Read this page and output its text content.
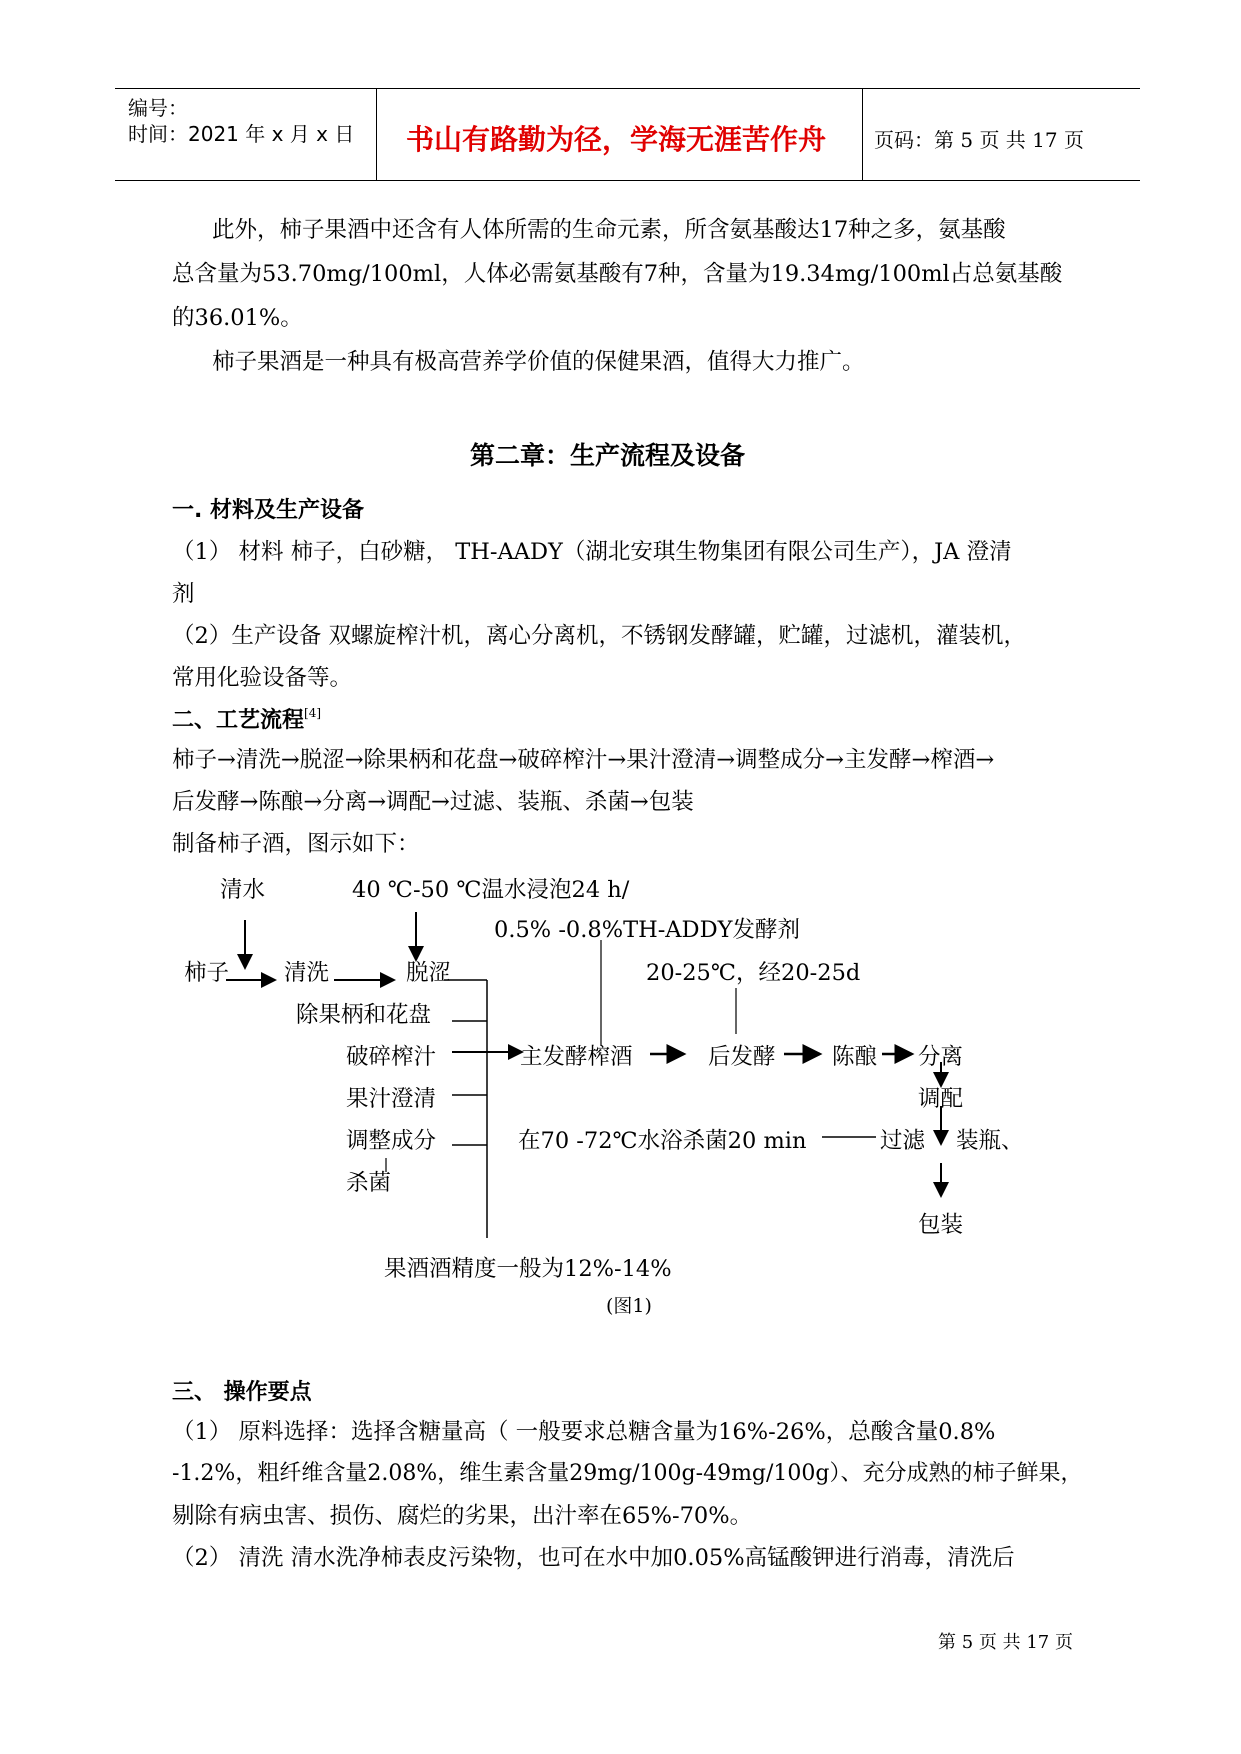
编号：
时间：2021 年 x 月 x 日 书山有路勤为径，学海无涯苦作舟 页码：第 5 页 共 17 页
此外，柿子果酒中还含有人体所需的生命元素，所含氨基酸达17种之多，氨基酸
总含量为53.70mg/100ml，人体必需氨基酸有7种，含量为19.34mg/100ml占总氨基酸
的36.01%。
柿子果酒是一种具有极高营养学价值的保健果酒，值得大力推广。
第二章：生产流程及设备
一. 材料及生产设备
（1） 材料 柿子，白砂糖， TH-AADY（湖北安琪生物集团有限公司生产），JA 澄清
剂
（2）生产设备 双螺旋榨汁机，离心分离机，不锈钢发酵罐，贮罐，过滤机，灌装机，
常用化验设备等。
二、工艺流程[4]
柿子→清洗→脱涩→除果柄和花盘→破碎榨汁→果汁澄清→调整成分→主发酵→榨酒→
后发酵→陈酿→分离→调配→过滤、装瓶、杀菌→包装
制备柿子酒，图示如下：
清水	40 ℃-50 ℃温水浸泡24 h/
0.5% -0.8%TH-ADDY发酵剂
柿子 清洗	脱涩	20-25℃，经20-25d
除果柄和花盘
破碎榨汁	主发酵榨酒	后发酵	陈酿 分离
果汁澄清	调配
调整成分	在70 -72℃水浴杀菌20 min	过滤 装瓶、
杀菌
包装
果酒酒精度一般为12%-14%
(图1)
三、 操作要点
（1） 原料选择：选择含糖量高（ 一般要求总糖含量为16%-26%，总酸含量0.8%
-1.2%，粗纤维含量2.08%，维生素含量29mg/100g-49mg/100g）、充分成熟的柿子鲜果，
剔除有病虫害、损伤、腐烂的劣果，出汁率在65%-70%。
（2） 清洗 清水洗净柿表皮污染物，也可在水中加0.05%高锰酸钾进行消毒，清洗后
第 5 页 共 17 页
